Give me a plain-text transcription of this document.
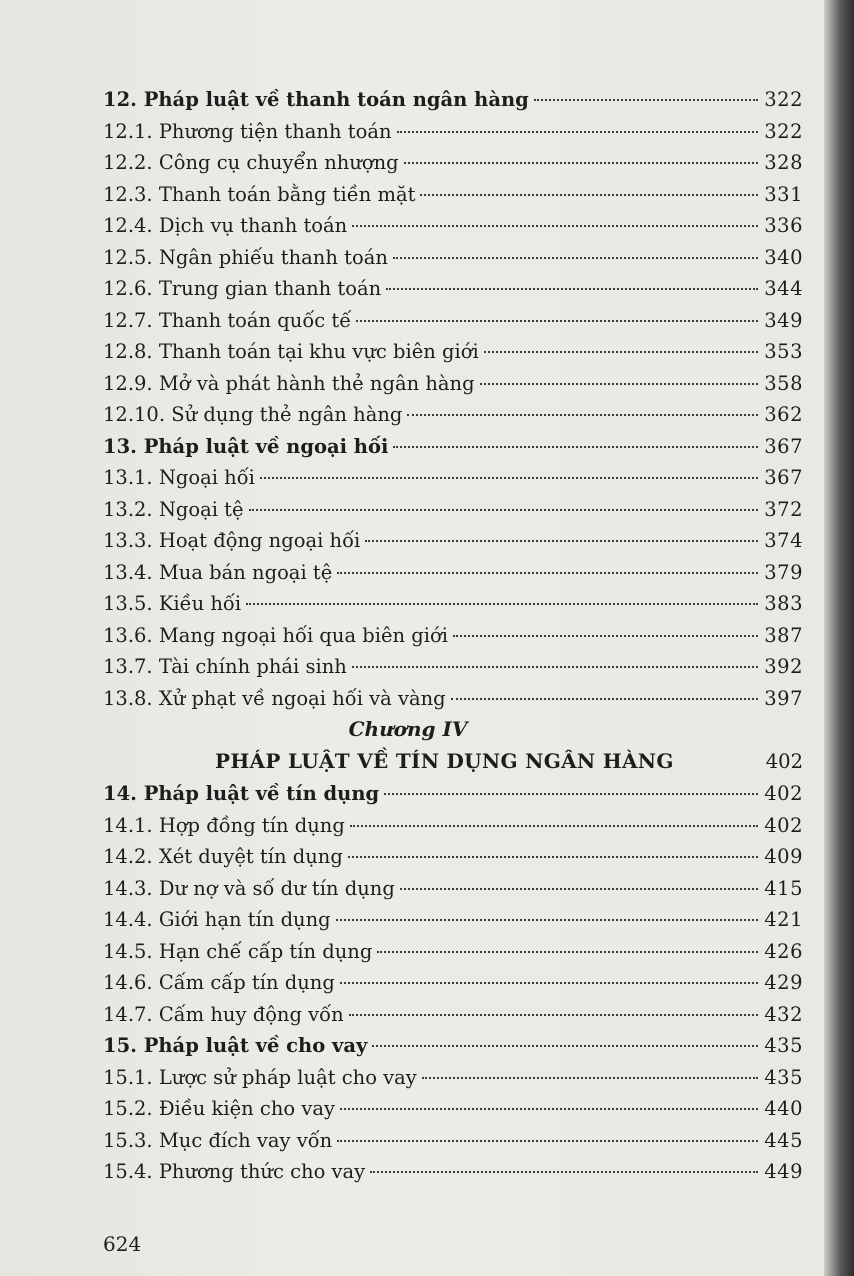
12. Pháp luật về thanh toán ngân hàng	322
12.1. Phương tiện thanh toán	322
12.2. Công cụ chuyển nhượng	328
12.3. Thanh toán bằng tiền mặt	331
12.4. Dịch vụ thanh toán	336
12.5. Ngân phiếu thanh toán	340
12.6. Trung gian thanh toán	344
12.7. Thanh toán quốc tế	349
12.8. Thanh toán tại khu vực biên giới	353
12.9. Mở và phát hành thẻ ngân hàng	358
12.10. Sử dụng thẻ ngân hàng	362
13. Pháp luật về ngoại hối	367
13.1. Ngoại hối	367
13.2. Ngoại tệ	372
13.3. Hoạt động ngoại hối	374
13.4. Mua bán ngoại tệ	379
13.5. Kiều hối	383
13.6. Mang ngoại hối qua biên giới	387
13.7. Tài chính phái sinh	392
13.8. Xử phạt về ngoại hối và vàng	397
Chương IV
PHÁP LUẬT VỀ TÍN DỤNG NGÂN HÀNG	402
14. Pháp luật về tín dụng	402
14.1. Hợp đồng tín dụng	402
14.2. Xét duyệt tín dụng	409
14.3. Dư nợ và số dư tín dụng	415
14.4. Giới hạn tín dụng	421
14.5. Hạn chế cấp tín dụng	426
14.6. Cấm cấp tín dụng	429
14.7. Cấm huy động vốn	432
15. Pháp luật về cho vay	435
15.1. Lược sử pháp luật cho vay	435
15.2. Điều kiện cho vay	440
15.3. Mục đích vay vốn	445
15.4. Phương thức cho vay	449
624
